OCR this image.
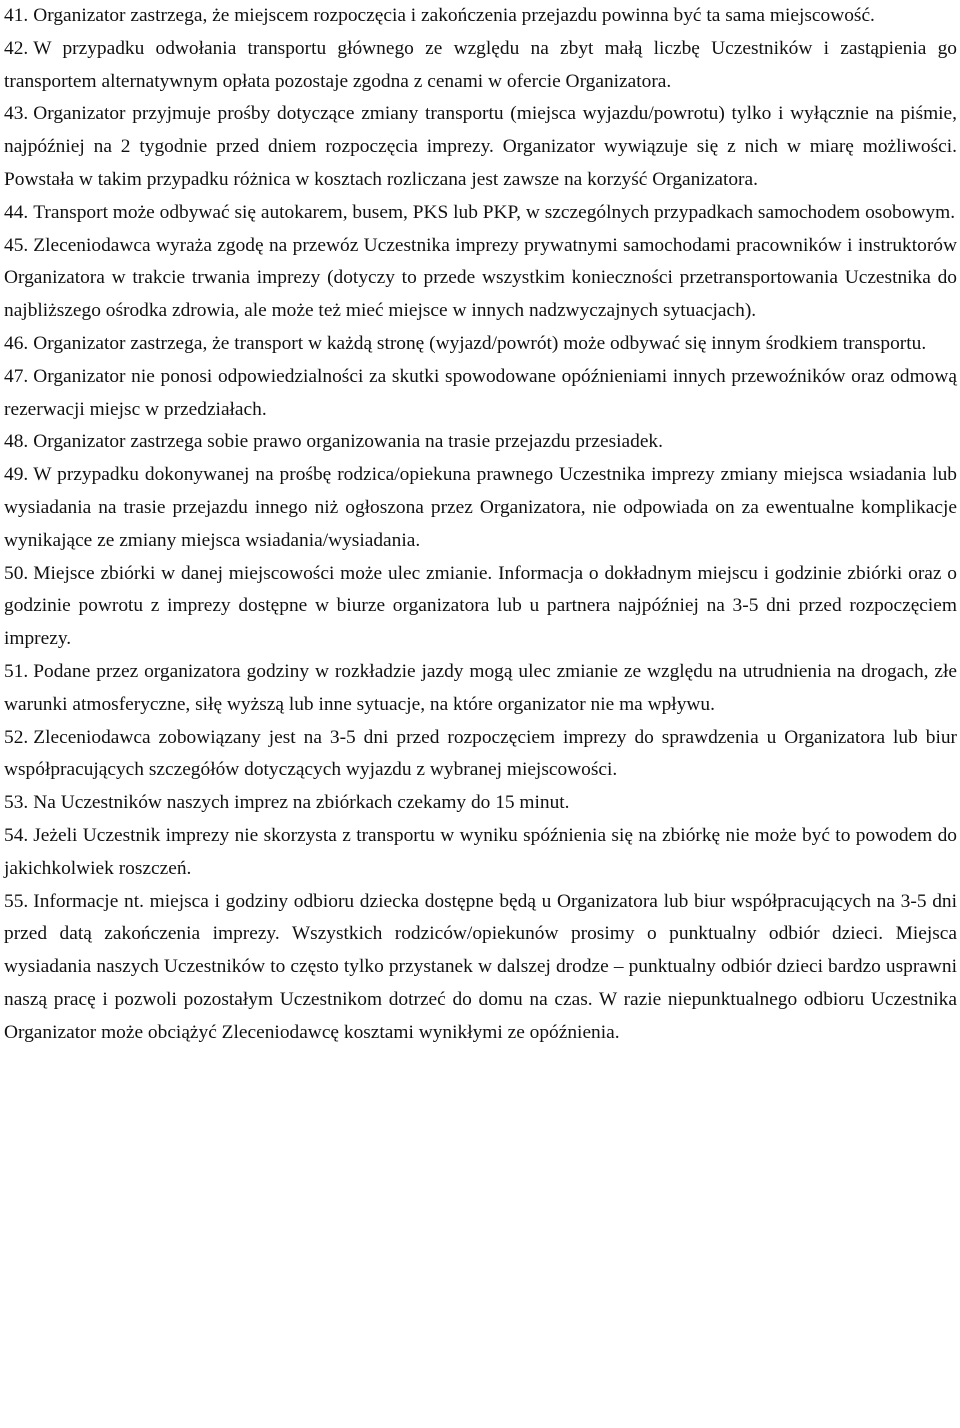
41. Organizator zastrzega, że miejscem rozpoczęcia i zakończenia przejazdu powinna być ta sama miejscowość.

42. W przypadku odwołania transportu głównego ze względu na zbyt małą liczbę Uczestników i zastąpienia go transportem alternatywnym opłata pozostaje zgodna z cenami w ofercie Organizatora.

43. Organizator przyjmuje prośby dotyczące zmiany transportu (miejsca wyjazdu/powrotu) tylko i wyłącznie na piśmie, najpóźniej na 2 tygodnie przed dniem rozpoczęcia imprezy. Organizator wywiązuje się z nich w miarę możliwości. Powstała w takim przypadku różnica w kosztach rozliczana jest zawsze na korzyść Organizatora.

44. Transport może odbywać się autokarem, busem, PKS lub PKP, w szczególnych przypadkach samochodem osobowym.

45. Zleceniodawca wyraża zgodę na przewóz Uczestnika imprezy prywatnymi samochodami pracowników i instruktorów Organizatora w trakcie trwania imprezy (dotyczy to przede wszystkim konieczności przetransportowania Uczestnika do najbliższego ośrodka zdrowia, ale może też mieć miejsce w innych nadzwyczajnych sytuacjach).

46. Organizator zastrzega, że transport w każdą stronę (wyjazd/powrót) może odbywać się innym środkiem transportu.

47. Organizator nie ponosi odpowiedzialności za skutki spowodowane opóźnieniami innych przewoźników oraz odmową rezerwacji miejsc w przedziałach.

48. Organizator zastrzega sobie prawo organizowania na trasie przejazdu przesiadek.

49. W przypadku dokonywanej na prośbę rodzica/opiekuna prawnego Uczestnika imprezy zmiany miejsca wsiadania lub wysiadania na trasie przejazdu innego niż ogłoszona przez Organizatora, nie odpowiada on za ewentualne komplikacje wynikające ze zmiany miejsca wsiadania/wysiadania.

50. Miejsce zbiórki w danej miejscowości może ulec zmianie. Informacja o dokładnym miejscu i godzinie zbiórki oraz o godzinie powrotu z imprezy dostępne w biurze organizatora lub u partnera najpóźniej na 3-5 dni przed rozpoczęciem imprezy.

51. Podane przez organizatora godziny w rozkładzie jazdy mogą ulec zmianie ze względu na utrudnienia na drogach, złe warunki atmosferyczne, siłę wyższą lub inne sytuacje, na które organizator nie ma wpływu.

52. Zleceniodawca zobowiązany jest na 3-5 dni przed rozpoczęciem imprezy do sprawdzenia u Organizatora lub biur współpracujących szczegółów dotyczących wyjazdu z wybranej miejscowości.

53. Na Uczestników naszych imprez na zbiórkach czekamy do 15 minut.

54. Jeżeli Uczestnik imprezy nie skorzysta z transportu w wyniku spóźnienia się na zbiórkę nie może być to powodem do jakichkolwiek roszczeń.

55. Informacje nt. miejsca i godziny odbioru dziecka dostępne będą u Organizatora lub biur współpracujących na 3-5 dni przed datą zakończenia imprezy. Wszystkich rodziców/opiekunów prosimy o punktualny odbiór dzieci. Miejsca wysiadania naszych Uczestników to często tylko przystanek w dalszej drodze – punktualny odbiór dzieci bardzo usprawni naszą pracę i pozwoli pozostałym Uczestnikom dotrzeć do domu na czas. W razie niepunktualnego odbioru Uczestnika Organizator może obciążyć Zleceniodawcę kosztami wynikłymi ze opóźnienia.
